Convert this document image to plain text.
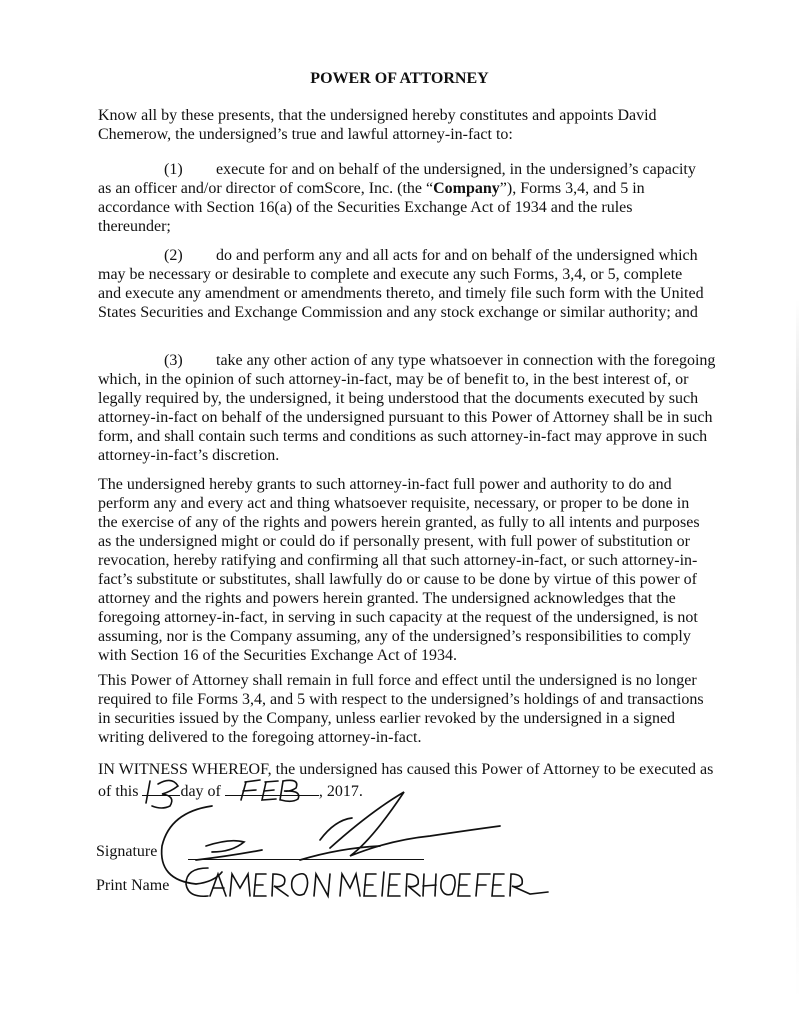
POWER OF ATTORNEY

Know all by these presents, that the undersigned hereby constitutes and appoints David Chemerow, the undersigned’s true and lawful attorney-in-fact to:

(1) execute for and on behalf of the undersigned, in the undersigned’s capacity as an officer and/or director of comScore, Inc. (the “Company”), Forms 3,4, and 5 in accordance with Section 16(a) of the Securities Exchange Act of 1934 and the rules thereunder;

(2) do and perform any and all acts for and on behalf of the undersigned which may be necessary or desirable to complete and execute any such Forms, 3,4, or 5, complete and execute any amendment or amendments thereto, and timely file such form with the United States Securities and Exchange Commission and any stock exchange or similar authority; and

(3) take any other action of any type whatsoever in connection with the foregoing which, in the opinion of such attorney-in-fact, may be of benefit to, in the best interest of, or legally required by, the undersigned, it being understood that the documents executed by such attorney-in-fact on behalf of the undersigned pursuant to this Power of Attorney shall be in such form, and shall contain such terms and conditions as such attorney-in-fact may approve in such attorney-in-fact’s discretion.

The undersigned hereby grants to such attorney-in-fact full power and authority to do and perform any and every act and thing whatsoever requisite, necessary, or proper to be done in the exercise of any of the rights and powers herein granted, as fully to all intents and purposes as the undersigned might or could do if personally present, with full power of substitution or revocation, hereby ratifying and confirming all that such attorney-in-fact, or such attorney-in-fact’s substitute or substitutes, shall lawfully do or cause to be done by virtue of this power of attorney and the rights and powers herein granted. The undersigned acknowledges that the foregoing attorney-in-fact, in serving in such capacity at the request of the undersigned, is not assuming, nor is the Company assuming, any of the undersigned’s responsibilities to comply with Section 16 of the Securities Exchange Act of 1934.

This Power of Attorney shall remain in full force and effect until the undersigned is no longer required to file Forms 3,4, and 5 with respect to the undersigned’s holdings of and transactions in securities issued by the Company, unless earlier revoked by the undersigned in a signed writing delivered to the foregoing attorney-in-fact.

IN WITNESS WHEREOF, the undersigned has caused this Power of Attorney to be executed as
of this	day of	, 2017.

Signature
Print Name
